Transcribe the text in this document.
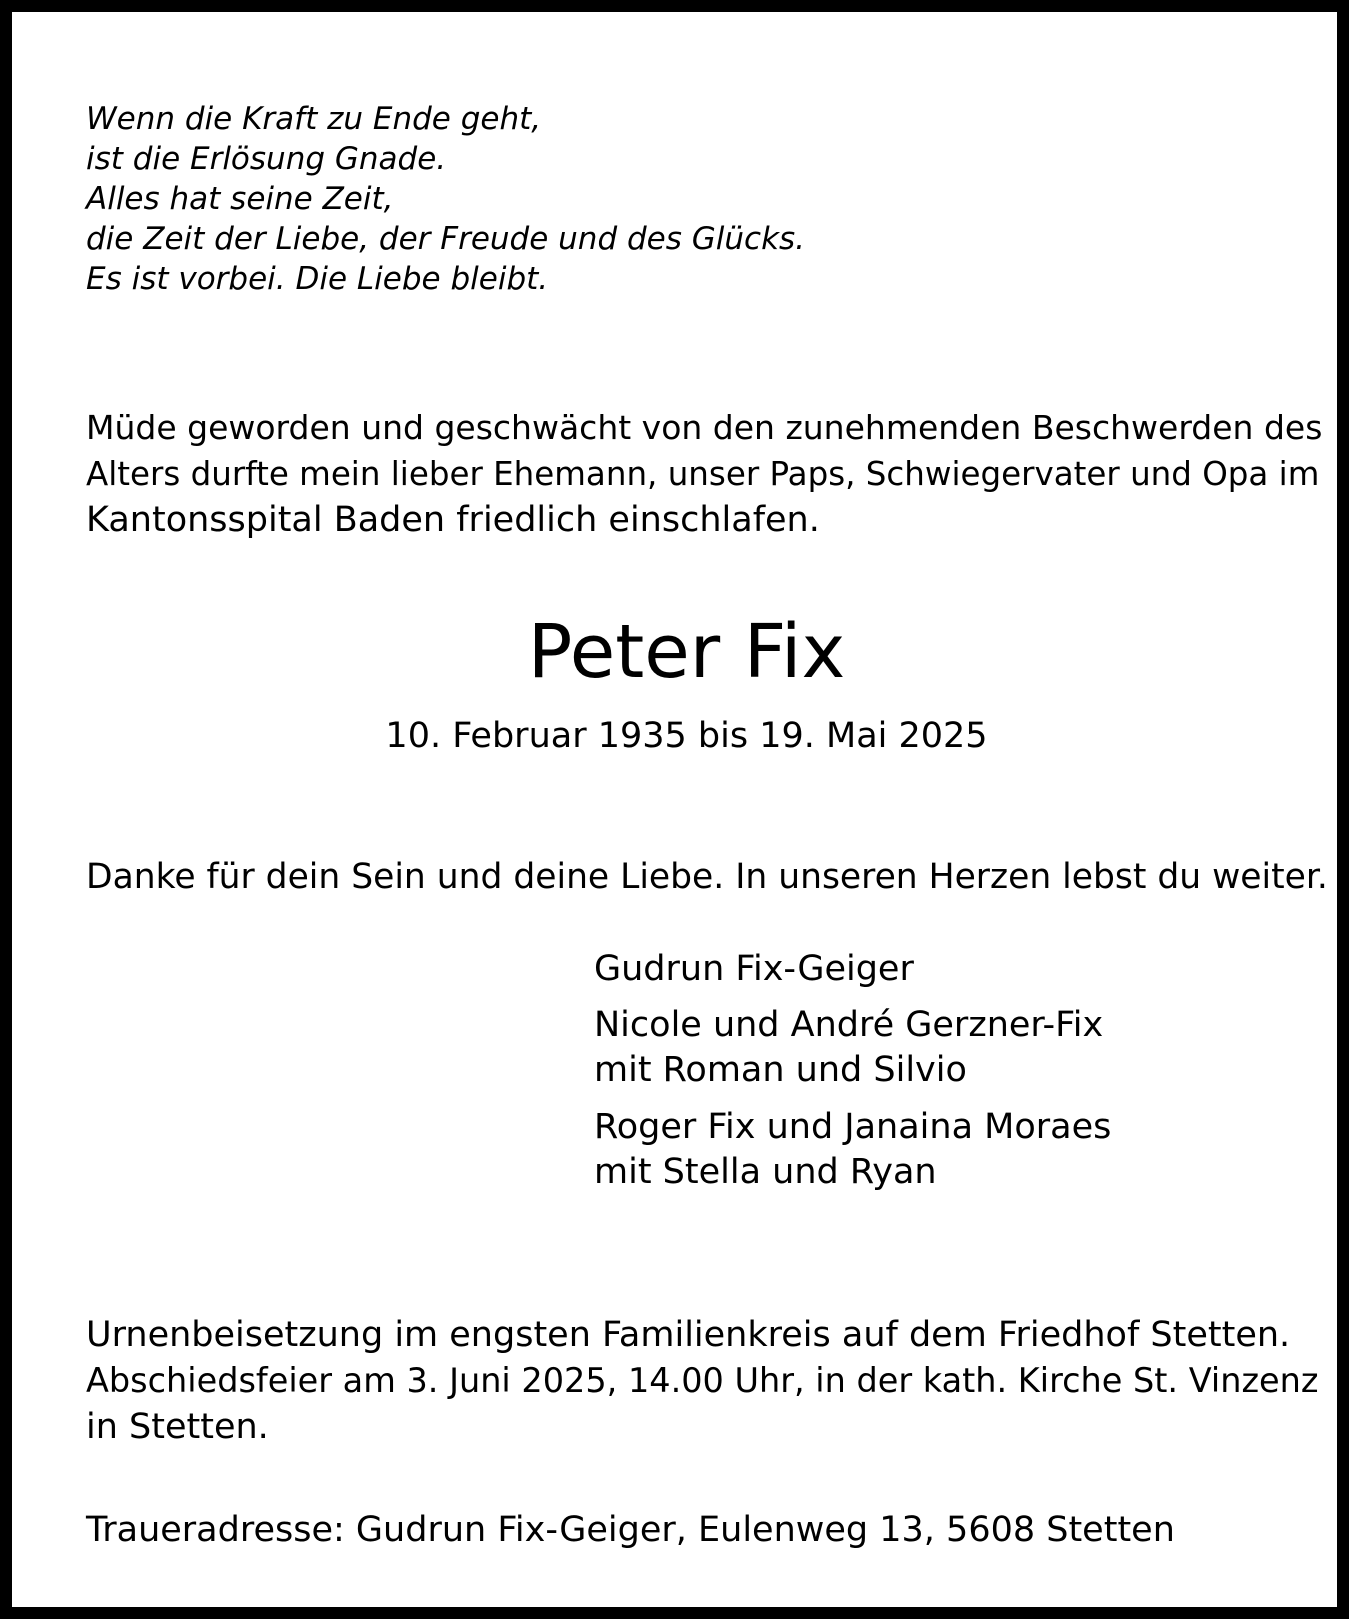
Wenn die Kraft zu Ende geht,

ist die Erlösung Gnade.

Alles hat seine Zeit,

die Zeit der Liebe, der Freude und des Glücks.

Es ist vorbei. Die Liebe bleibt.

Müde geworden und geschwächt von den zunehmenden Beschwerden des

Alters durfte mein lieber Ehemann, unser Paps, Schwiegervater und Opa im

Kantonsspital Baden friedlich einschlafen.

Peter Fix

10. Februar 1935 bis 19. Mai 2025

Danke für dein Sein und deine Liebe. In unseren Herzen lebst du weiter.

Gudrun Fix-Geiger

Nicole und André Gerzner-Fix

mit Roman und Silvio

Roger Fix und Janaina Moraes

mit Stella und Ryan

Urnenbeisetzung im engsten Familienkreis auf dem Friedhof Stetten.

Abschiedsfeier am 3. Juni 2025, 14.00 Uhr, in der kath. Kirche St. Vinzenz

in Stetten.

Traueradresse: Gudrun Fix-Geiger, Eulenweg 13, 5608 Stetten
